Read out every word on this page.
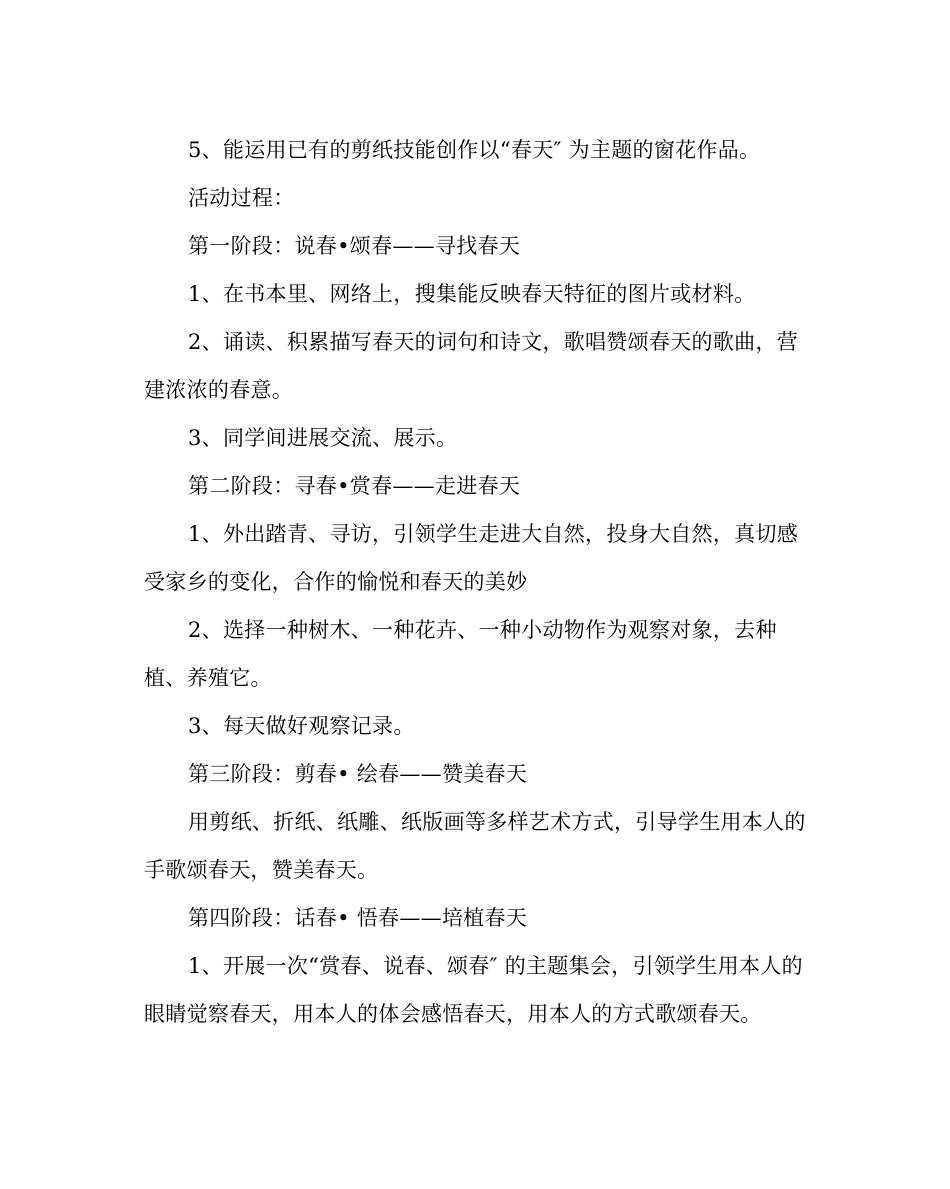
5、能运用已有的剪纸技能创作以“春天″ 为主题的窗花作品。

活动过程：

第一阶段：说春•颂春——寻找春天

1、在书本里、网络上，搜集能反映春天特征的图片或材料。

2、诵读、积累描写春天的词句和诗文，歌唱赞颂春天的歌曲，营建浓浓的春意。

3、同学间进展交流、展示。

第二阶段：寻春•赏春——走进春天

1、外出踏青、寻访，引领学生走进大自然，投身大自然，真切感受家乡的变化，合作的愉悦和春天的美妙

2、选择一种树木、一种花卉、一种小动物作为观察对象，去种植、养殖它。

3、每天做好观察记录。

第三阶段：剪春• 绘春——赞美春天

用剪纸、折纸、纸雕、纸版画等多样艺术方式，引导学生用本人的手歌颂春天，赞美春天。

第四阶段：话春• 悟春——培植春天

1、开展一次“赏春、说春、颂春″ 的主题集会，引领学生用本人的眼睛觉察春天，用本人的体会感悟春天，用本人的方式歌颂春天。
